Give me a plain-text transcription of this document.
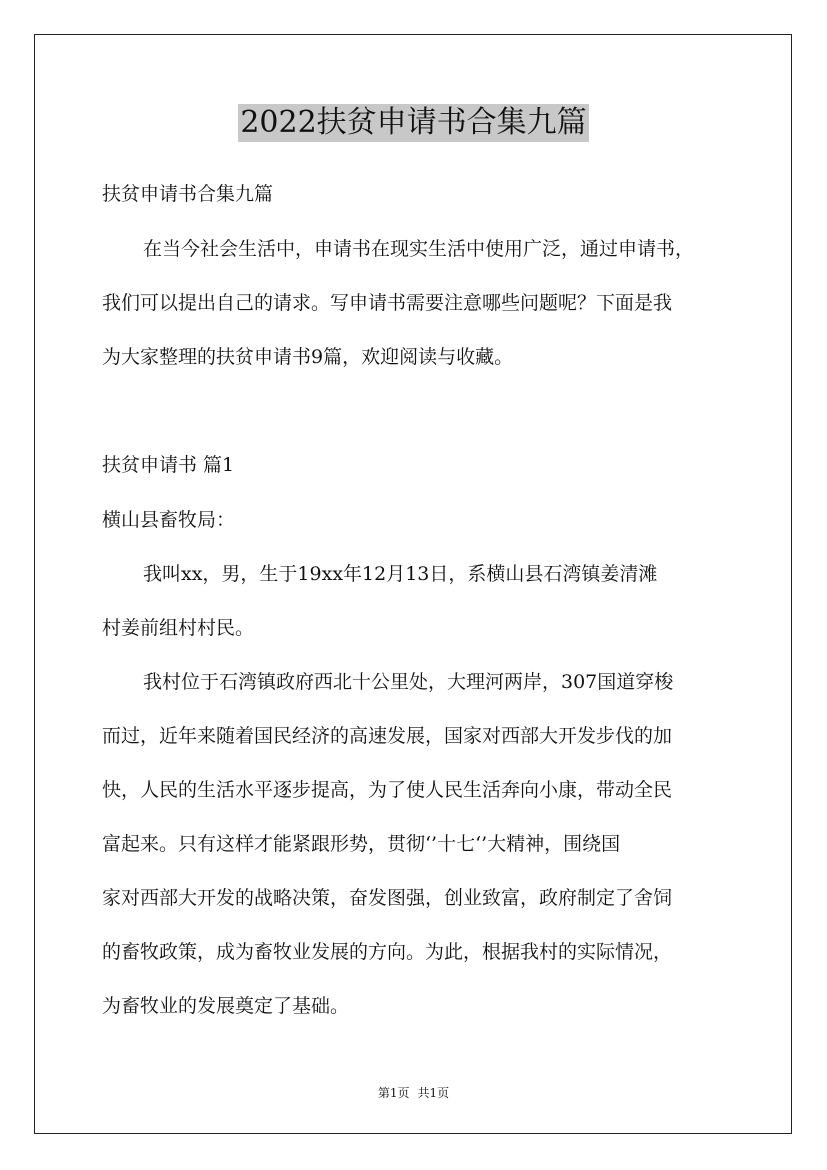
2022扶贫申请书合集九篇
扶贫申请书合集九篇
在当今社会生活中，申请书在现实生活中使用广泛，通过申请书，
我们可以提出自己的请求。写申请书需要注意哪些问题呢？下面是我
为大家整理的扶贫申请书9篇，欢迎阅读与收藏。
扶贫申请书 篇1
横山县畜牧局：
我叫xx，男，生于19xx年12月13日，系横山县石湾镇姜清滩
村姜前组村村民。
我村位于石湾镇政府西北十公里处，大理河两岸，307国道穿梭
而过，近年来随着国民经济的高速发展，国家对西部大开发步伐的加
快，人民的生活水平逐步提高，为了使人民生活奔向小康，带动全民
富起来。只有这样才能紧跟形势，贯彻‘’十七‘’大精神，围绕国
家对西部大开发的战略决策，奋发图强，创业致富，政府制定了舍饲
的畜牧政策，成为畜牧业发展的方向。为此，根据我村的实际情况，
为畜牧业的发展奠定了基础。
第1页 共1页
